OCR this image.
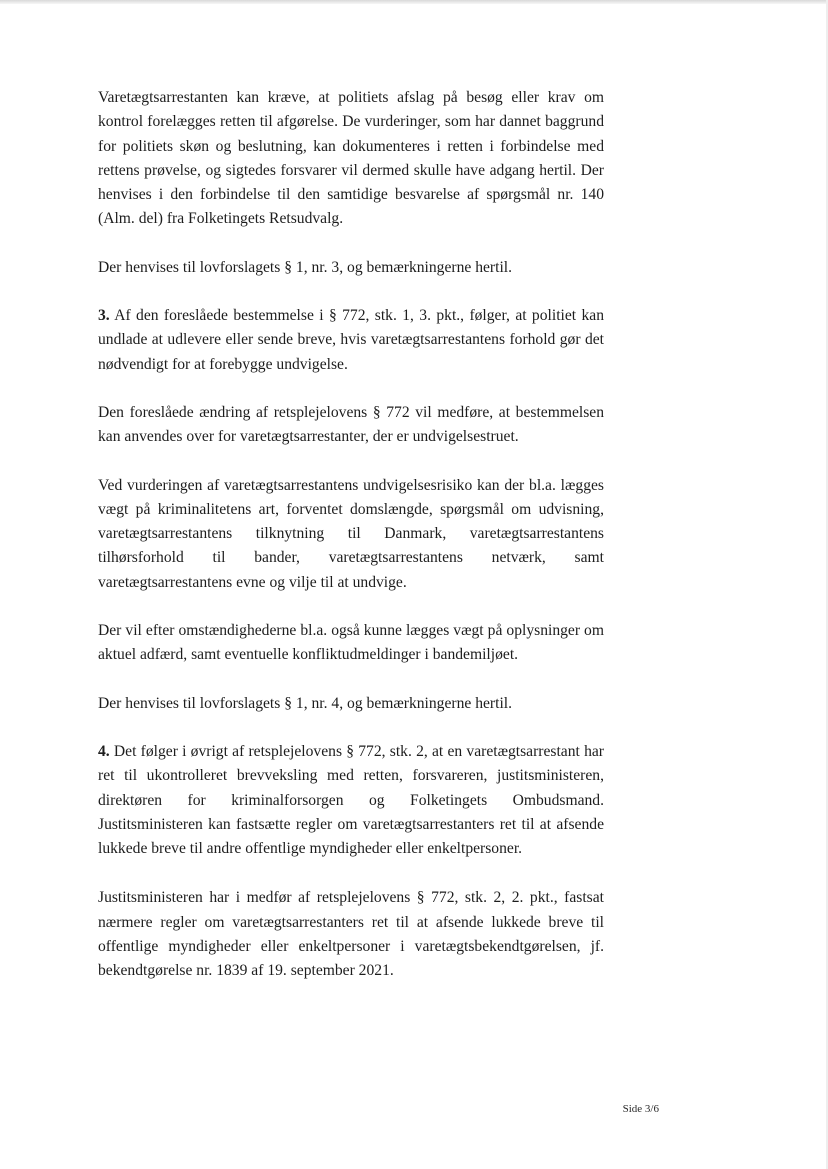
Varetægtsarrestanten kan kræve, at politiets afslag på besøg eller krav om kontrol forelægges retten til afgørelse. De vurderinger, som har dannet baggrund for politiets skøn og beslutning, kan dokumenteres i retten i forbindelse med rettens prøvelse, og sigtedes forsvarer vil dermed skulle have adgang hertil. Der henvises i den forbindelse til den samtidige besvarelse af spørgsmål nr. 140 (Alm. del) fra Folketingets Retsudvalg.

Der henvises til lovforslagets § 1, nr. 3, og bemærkningerne hertil.

3. Af den foreslåede bestemmelse i § 772, stk. 1, 3. pkt., følger, at politiet kan undlade at udlevere eller sende breve, hvis varetægtsarrestantens forhold gør det nødvendigt for at forebygge undvigelse.

Den foreslåede ændring af retsplejelovens § 772 vil medføre, at bestemmelsen kan anvendes over for varetægtsarrestanter, der er undvigelsestruet.

Ved vurderingen af varetægtsarrestantens undvigelsesrisiko kan der bl.a. lægges vægt på kriminalitetens art, forventet domslængde, spørgsmål om udvisning, varetægtsarrestantens tilknytning til Danmark, varetægtsarrestantens tilhørsforhold til bander, varetægtsarrestantens netværk, samt varetægtsarrestantens evne og vilje til at undvige.

Der vil efter omstændighederne bl.a. også kunne lægges vægt på oplysninger om aktuel adfærd, samt eventuelle konfliktudmeldinger i bandemiljøet.

Der henvises til lovforslagets § 1, nr. 4, og bemærkningerne hertil.

4. Det følger i øvrigt af retsplejelovens § 772, stk. 2, at en varetægtsarrestant har ret til ukontrolleret brevveksling med retten, forsvareren, justitsministeren, direktøren for kriminalforsorgen og Folketingets Ombudsmand. Justitsministeren kan fastsætte regler om varetægtsarrestanters ret til at afsende lukkede breve til andre offentlige myndigheder eller enkeltpersoner.

Justitsministeren har i medfør af retsplejelovens § 772, stk. 2, 2. pkt., fastsat nærmere regler om varetægtsarrestanters ret til at afsende lukkede breve til offentlige myndigheder eller enkeltpersoner i varetægtsbekendtgørelsen, jf. bekendtgørelse nr. 1839 af 19. september 2021.

Side 3/6
